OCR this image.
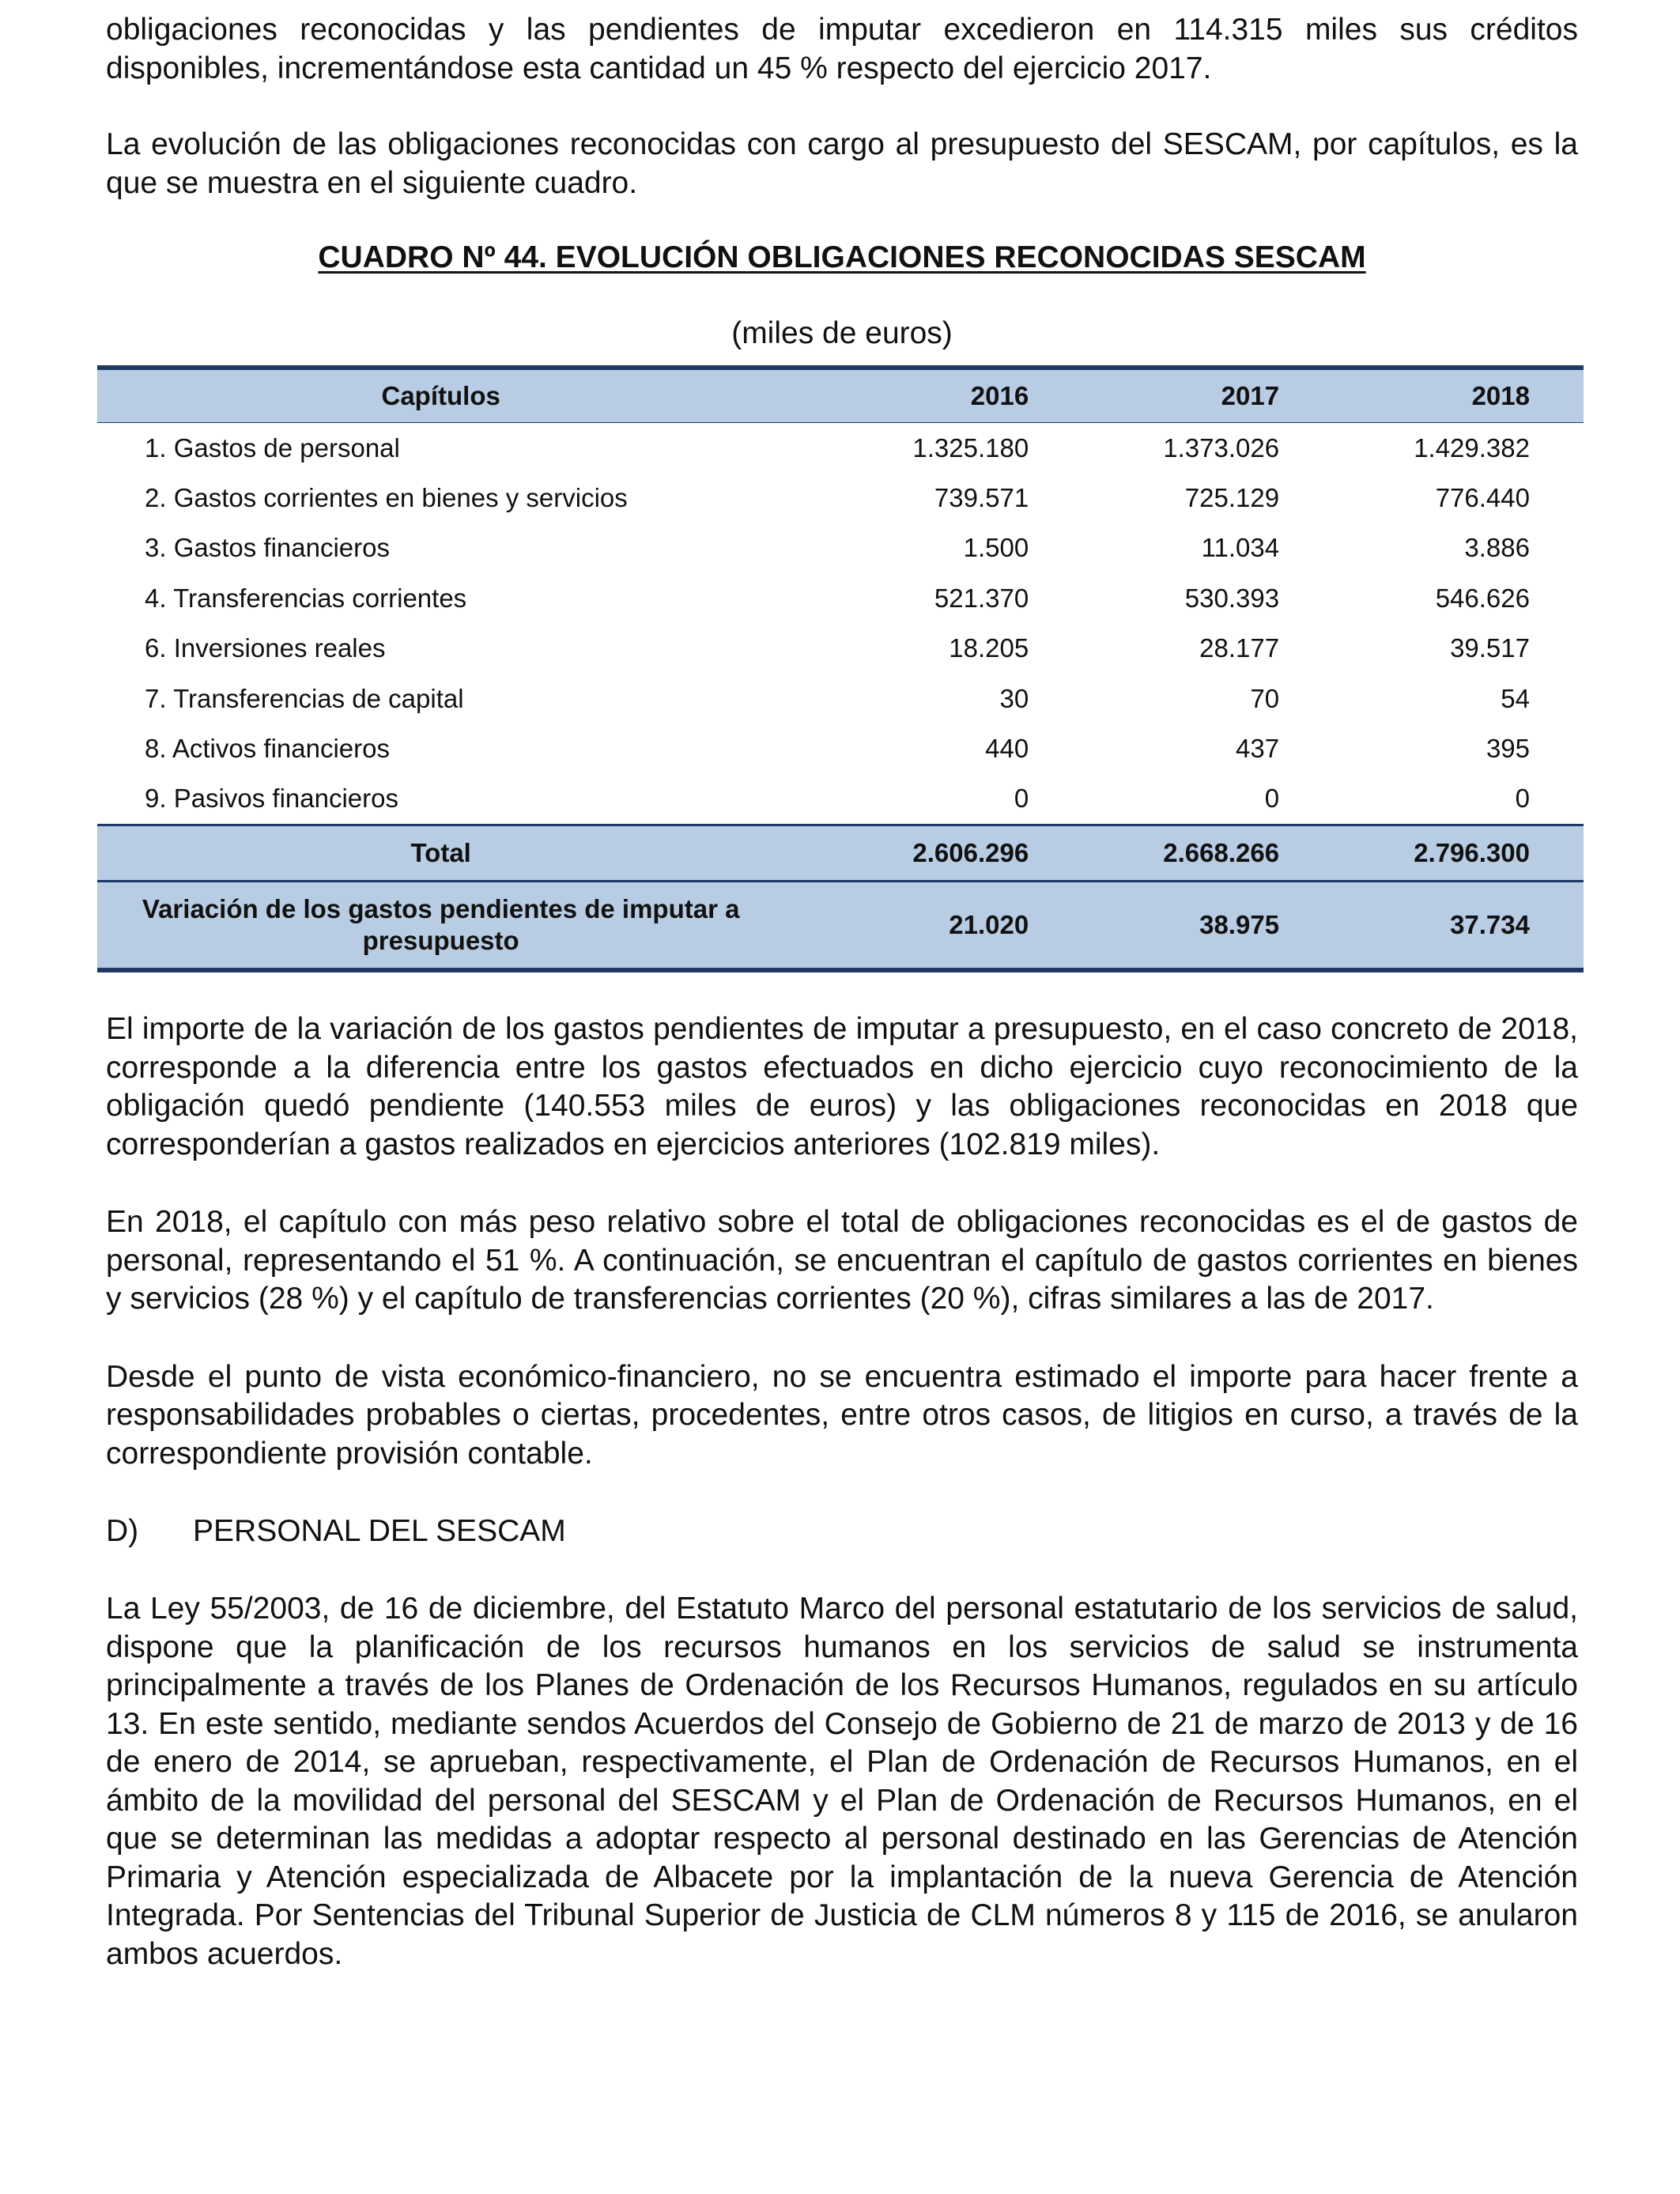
obligaciones reconocidas y las pendientes de imputar excedieron en 114.315 miles sus créditos disponibles, incrementándose esta cantidad un 45 % respecto del ejercicio 2017.

La evolución de las obligaciones reconocidas con cargo al presupuesto del SESCAM, por capítulos, es la que se muestra en el siguiente cuadro.

CUADRO Nº 44. EVOLUCIÓN OBLIGACIONES RECONOCIDAS SESCAM

(miles de euros)

Capítulos	2016	2017	2018
1. Gastos de personal	1.325.180	1.373.026	1.429.382
2. Gastos corrientes en bienes y servicios	739.571	725.129	776.440
3. Gastos financieros	1.500	11.034	3.886
4. Transferencias corrientes	521.370	530.393	546.626
6. Inversiones reales	18.205	28.177	39.517
7. Transferencias de capital	30	70	54
8. Activos financieros	440	437	395
9. Pasivos financieros	0	0	0
Total	2.606.296	2.668.266	2.796.300
Variación de los gastos pendientes de imputar a presupuesto	21.020	38.975	37.734

El importe de la variación de los gastos pendientes de imputar a presupuesto, en el caso concreto de 2018, corresponde a la diferencia entre los gastos efectuados en dicho ejercicio cuyo reconocimiento de la obligación quedó pendiente (140.553 miles de euros) y las obligaciones reconocidas en 2018 que corresponderían a gastos realizados en ejercicios anteriores (102.819 miles).

En 2018, el capítulo con más peso relativo sobre el total de obligaciones reconocidas es el de gastos de personal, representando el 51 %. A continuación, se encuentran el capítulo de gastos corrientes en bienes y servicios (28 %) y el capítulo de transferencias corrientes (20 %), cifras similares a las de 2017.

Desde el punto de vista económico-financiero, no se encuentra estimado el importe para hacer frente a responsabilidades probables o ciertas, procedentes, entre otros casos, de litigios en curso, a través de la correspondiente provisión contable.

D) PERSONAL DEL SESCAM

La Ley 55/2003, de 16 de diciembre, del Estatuto Marco del personal estatutario de los servicios de salud, dispone que la planificación de los recursos humanos en los servicios de salud se instrumenta principalmente a través de los Planes de Ordenación de los Recursos Humanos, regulados en su artículo 13. En este sentido, mediante sendos Acuerdos del Consejo de Gobierno de 21 de marzo de 2013 y de 16 de enero de 2014, se aprueban, respectivamente, el Plan de Ordenación de Recursos Humanos, en el ámbito de la movilidad del personal del SESCAM y el Plan de Ordenación de Recursos Humanos, en el que se determinan las medidas a adoptar respecto al personal destinado en las Gerencias de Atención Primaria y Atención especializada de Albacete por la implantación de la nueva Gerencia de Atención Integrada. Por Sentencias del Tribunal Superior de Justicia de CLM números 8 y 115 de 2016, se anularon ambos acuerdos.
